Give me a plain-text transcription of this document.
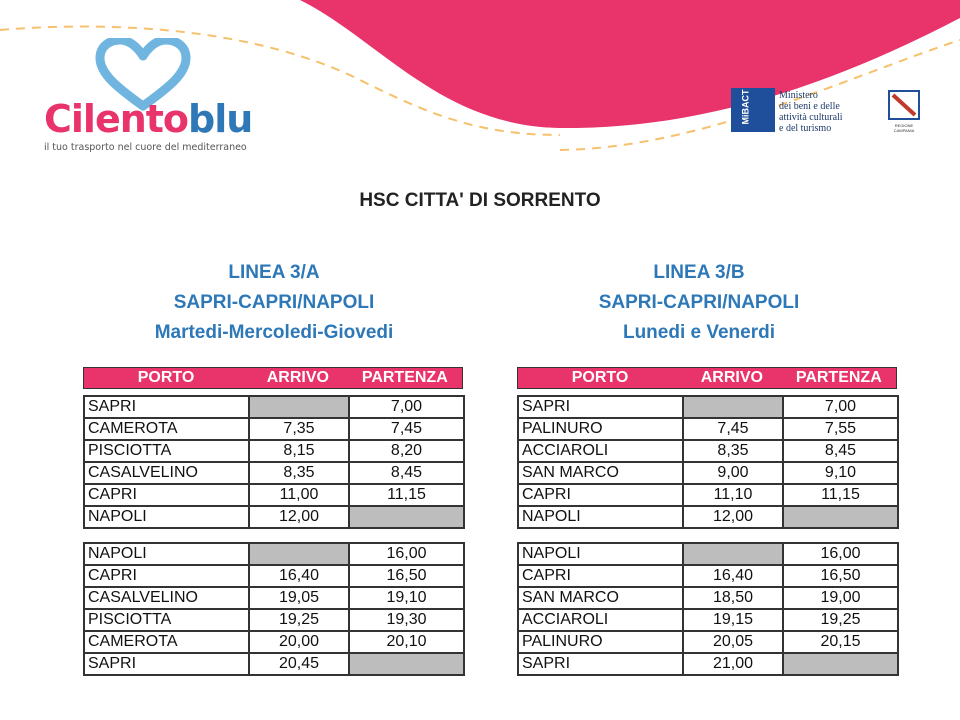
Cilentoblu
il tuo trasporto nel cuore del mediterraneo
MiBACT	Ministero
dei beni e delle
attività culturali
e del turismo	REGIONE CAMPANIA
HSC CITTA' DI SORRENTO
LINEA 3/A
SAPRI-CAPRI/NAPOLI
Martedi-Mercoledi-Giovedi
LINEA 3/B
SAPRI-CAPRI/NAPOLI
Lunedi e Venerdi
PORTO	ARRIVO	PARTENZA
SAPRI		7,00
CAMEROTA	7,35	7,45
PISCIOTTA	8,15	8,20
CASALVELINO	8,35	8,45
CAPRI	11,00	11,15
NAPOLI	12,00	
NAPOLI		16,00
CAPRI	16,40	16,50
CASALVELINO	19,05	19,10
PISCIOTTA	19,25	19,30
CAMEROTA	20,00	20,10
SAPRI	20,45	
PORTO	ARRIVO	PARTENZA
SAPRI		7,00
PALINURO	7,45	7,55
ACCIAROLI	8,35	8,45
SAN MARCO	9,00	9,10
CAPRI	11,10	11,15
NAPOLI	12,00	
NAPOLI		16,00
CAPRI	16,40	16,50
SAN MARCO	18,50	19,00
ACCIAROLI	19,15	19,25
PALINURO	20,05	20,15
SAPRI	21,00	
